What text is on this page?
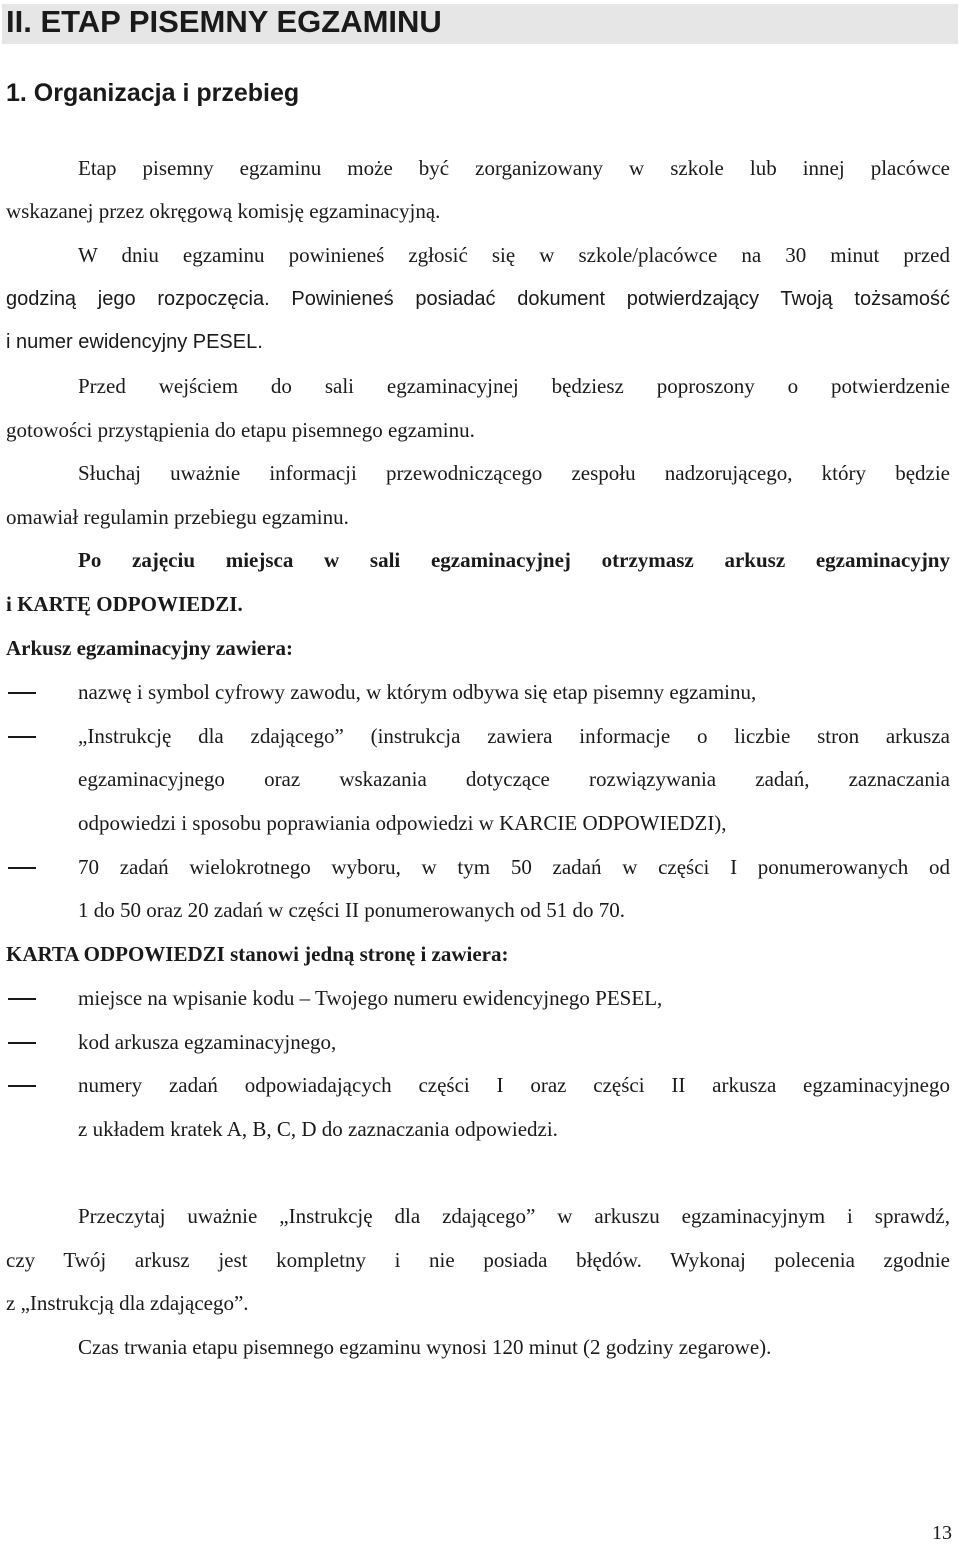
II. ETAP PISEMNY EGZAMINU
1. Organizacja i przebieg
Etap pisemny egzaminu może być zorganizowany w szkole lub innej placówce
wskazanej przez okręgową komisję egzaminacyjną.
W dniu egzaminu powinieneś zgłosić się w szkole/placówce na 30 minut przed
godziną jego rozpoczęcia. Powinieneś posiadać dokument potwierdzający Twoją tożsamość
i numer ewidencyjny PESEL.
Przed wejściem do sali egzaminacyjnej będziesz poproszony o potwierdzenie
gotowości przystąpienia do etapu pisemnego egzaminu.
Słuchaj uważnie informacji przewodniczącego zespołu nadzorującego, który będzie
omawiał regulamin przebiegu egzaminu.
Po zajęciu miejsca w sali egzaminacyjnej otrzymasz arkusz egzaminacyjny
i KARTĘ ODPOWIEDZI.
Arkusz egzaminacyjny zawiera:
nazwę i symbol cyfrowy zawodu, w którym odbywa się etap pisemny egzaminu,
„Instrukcję dla zdającego” (instrukcja zawiera informacje o liczbie stron arkusza
egzaminacyjnego oraz wskazania dotyczące rozwiązywania zadań, zaznaczania
odpowiedzi i sposobu poprawiania odpowiedzi w KARCIE ODPOWIEDZI),
70 zadań wielokrotnego wyboru, w tym 50 zadań w części I ponumerowanych od
1 do 50 oraz 20 zadań w części II ponumerowanych od 51 do 70.
KARTA ODPOWIEDZI stanowi jedną stronę i zawiera:
miejsce na wpisanie kodu – Twojego numeru ewidencyjnego PESEL,
kod arkusza egzaminacyjnego,
numery zadań odpowiadających części I oraz części II arkusza egzaminacyjnego
z układem kratek A, B, C, D do zaznaczania odpowiedzi.
Przeczytaj uważnie „Instrukcję dla zdającego” w arkuszu egzaminacyjnym i sprawdź,
czy Twój arkusz jest kompletny i nie posiada błędów. Wykonaj polecenia zgodnie
z „Instrukcją dla zdającego”.
Czas trwania etapu pisemnego egzaminu wynosi 120 minut (2 godziny zegarowe).
13
